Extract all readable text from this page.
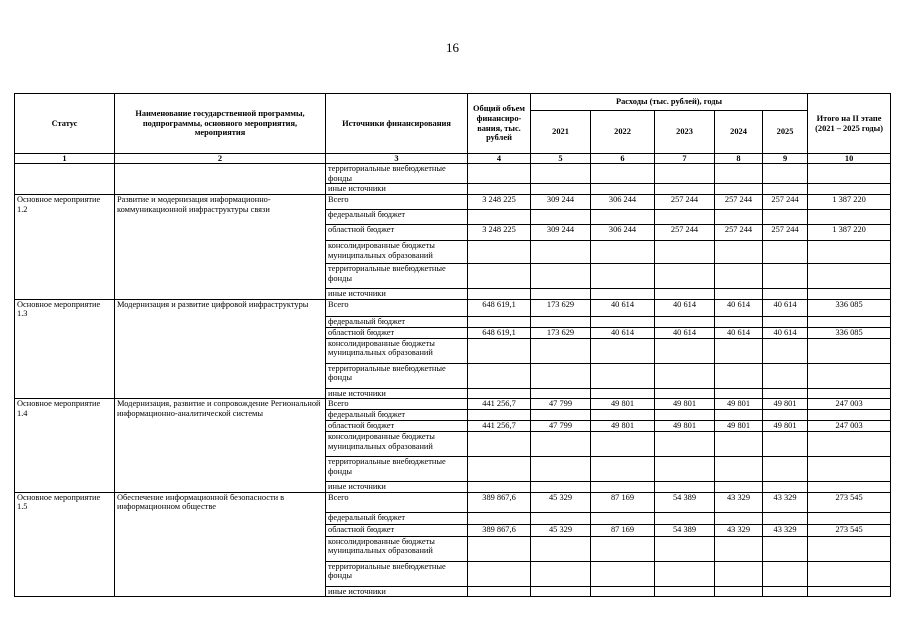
16
Статус	Наименование государственной программы, подпрограммы, основного мероприятия, мероприятия	Источники финансирования	Общий объем финансиро-вания, тыс. рублей	Расходы (тыс. рублей), годы					Итого на II этапе (2021 – 2025 годы)
				2021	2022	2023	2024	2025	
1	2	3	4	5	6	7	8	9	10
		территориальные внебюджетные фонды							
		иные источники							
Основное мероприятие 1.2	Развитие и модернизация информационно-коммуникационной инфраструктуры связи	Всего	3 248 225	309 244	306 244	257 244	257 244	257 244	1 387 220
		федеральный бюджет							
		областной бюджет	3 248 225	309 244	306 244	257 244	257 244	257 244	1 387 220
		консолидированные бюджеты муниципальных образований							
		территориальные внебюджетные фонды							
		иные источники							
Основное мероприятие 1.3	Модернизация и развитие цифровой инфраструктуры	Всего	648 619,1	173 629	40 614	40 614	40 614	40 614	336 085
		федеральный бюджет							
		областной бюджет	648 619,1	173 629	40 614	40 614	40 614	40 614	336 085
		консолидированные бюджеты муниципальных образований							
		территориальные внебюджетные фонды							
		иные источники							
Основное мероприятие 1.4	Модернизация, развитие и сопровождение Региональной информационно-аналитической системы	Всего	441 256,7	47 799	49 801	49 801	49 801	49 801	247 003
		федеральный бюджет							
		областной бюджет	441 256,7	47 799	49 801	49 801	49 801	49 801	247 003
		консолидированные бюджеты муниципальных образований							
		территориальные внебюджетные фонды							
		иные источники							
Основное мероприятие 1.5	Обеспечение информационной безопасности в информационном обществе	Всего	389 867,6	45 329	87 169	54 389	43 329	43 329	273 545
		федеральный бюджет							
		областной бюджет	389 867,6	45 329	87 169	54 389	43 329	43 329	273 545
		консолидированные бюджеты муниципальных образований							
		территориальные внебюджетные фонды							
		иные источники							
